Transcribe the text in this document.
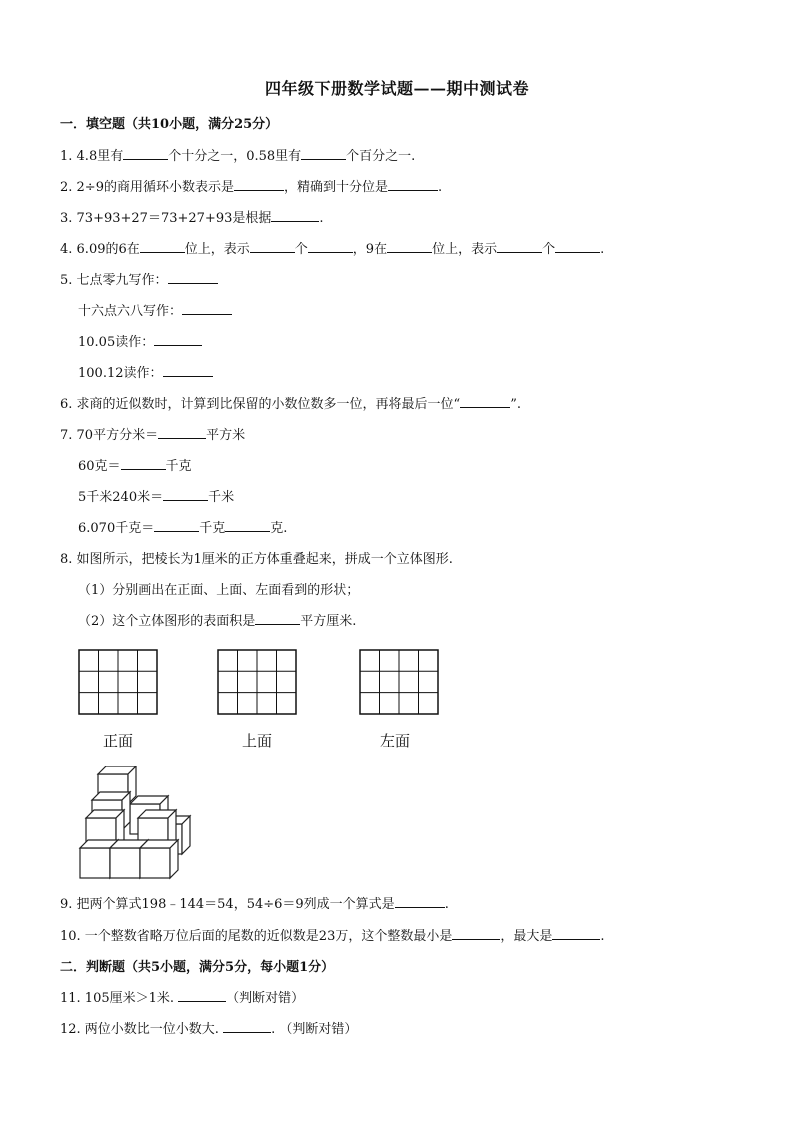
四年级下册数学试题——期中测试卷
一．填空题（共10小题，满分25分）
1. 4.8里有	个十分之一，0.58里有	个百分之一.
2. 2÷9的商用循环小数表示是	，精确到十分位是	.
3. 73+93+27＝73+27+93是根据	.
4. 6.09的6在	位上，表示	个	，9在	位上，表示	个	.
5. 七点零九写作：
十六点六八写作：
10.05读作：
100.12读作：
6. 求商的近似数时，计算到比保留的小数位数多一位，再将最后一位“	”.
7. 70平方分米＝	平方米
60克＝	千克
5千米240米＝	千米
6.070千克＝	千克	克.
8. 如图所示，把棱长为1厘米的正方体重叠起来，拼成一个立体图形.
（1）分别画出在正面、上面、左面看到的形状；
（2）这个立体图形的表面积是	平方厘米.
正面	上面	左面
9. 把两个算式198﹣144＝54，54÷6＝9列成一个算式是	.
10. 一个整数省略万位后面的尾数的近似数是23万，这个整数最小是	，最大是	.
二．判断题（共5小题，满分5分，每小题1分）
11. 105厘米＞1米.	（判断对错）
12. 两位小数比一位小数大.	. （判断对错）
